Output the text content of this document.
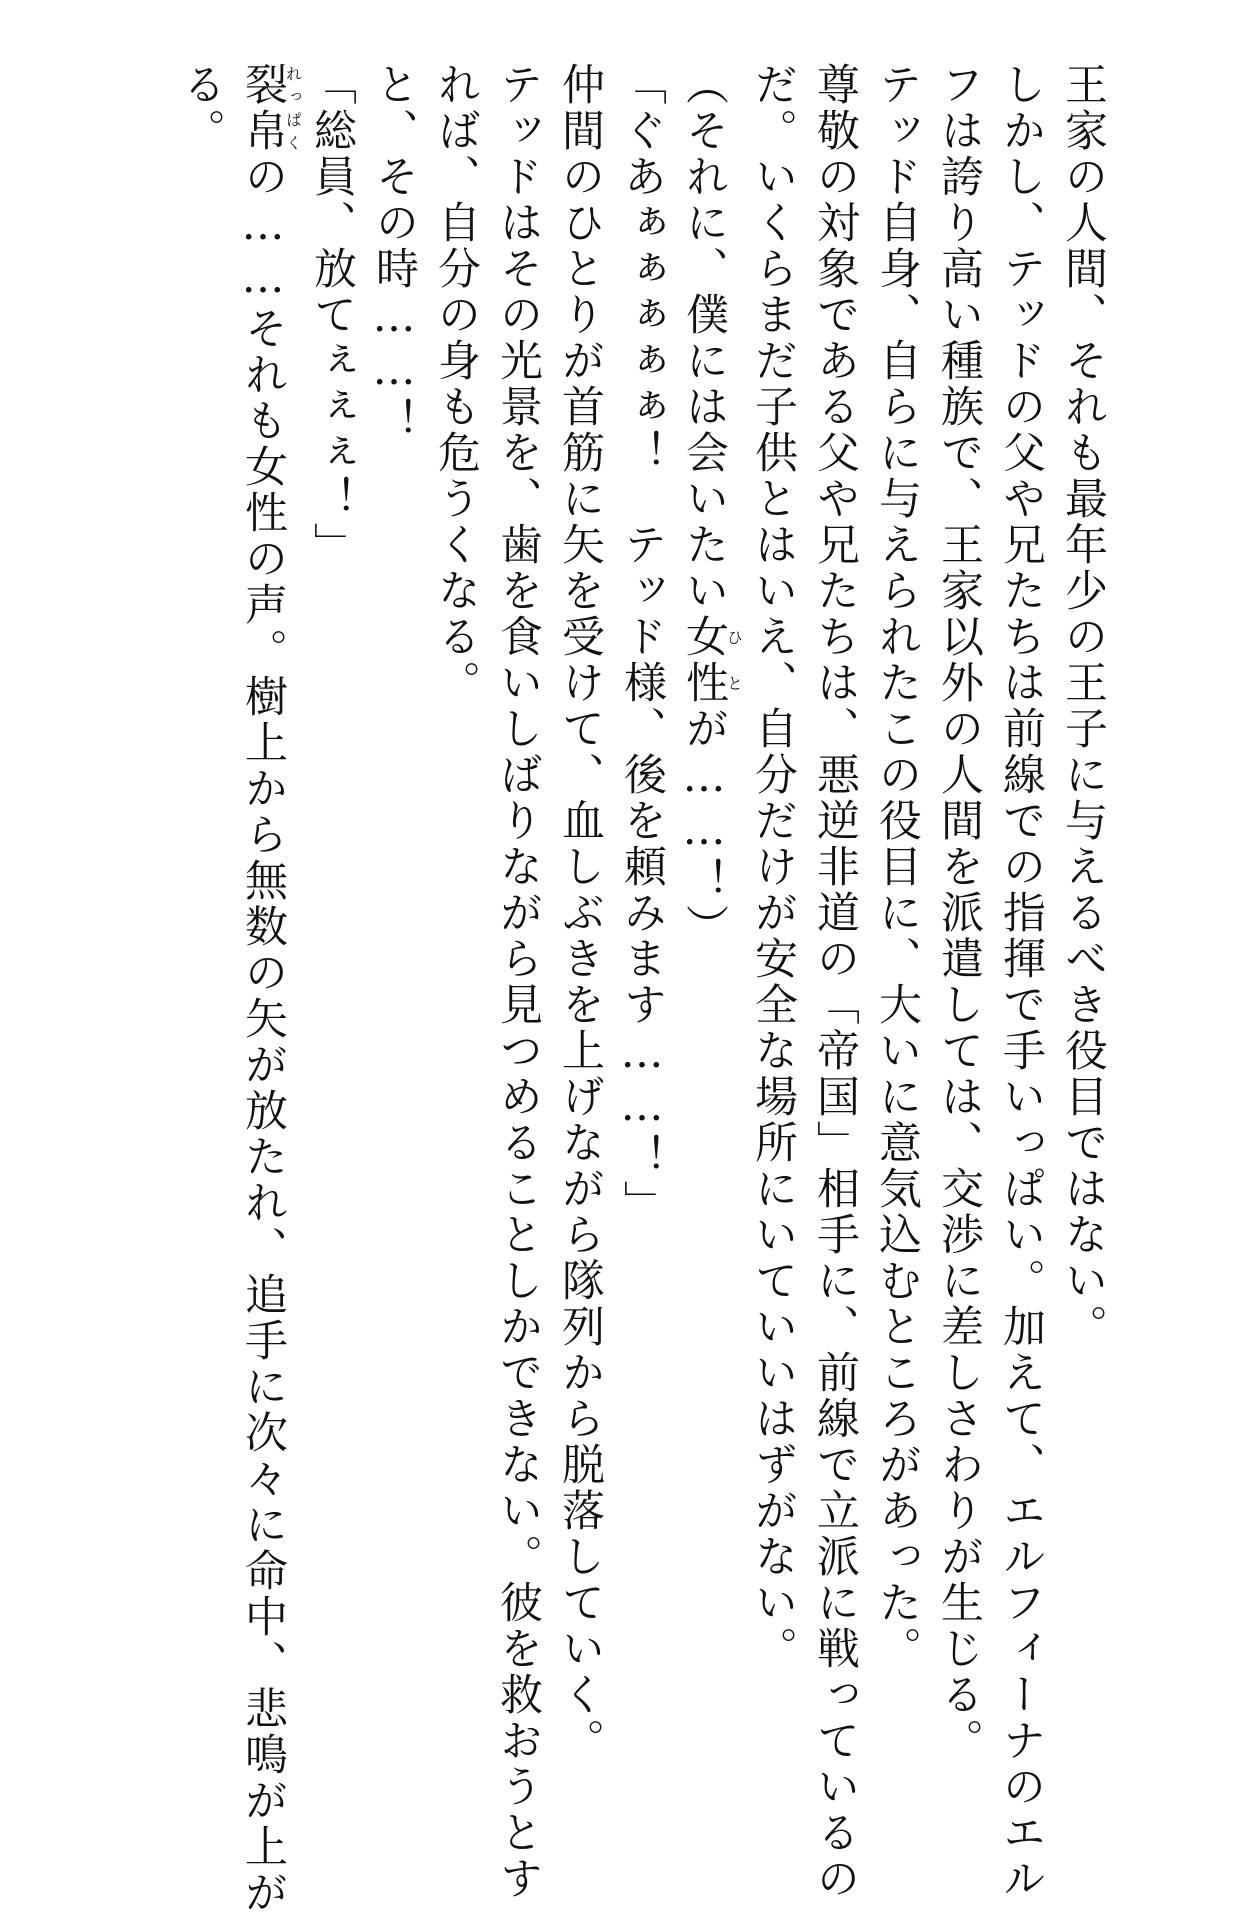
王家の人間、それも最年少の王子に与えるべき役目ではない。
しかし、テッドの父や兄たちは前線での指揮で手いっぱい。加えて、エルフィーナのエル
フは誇り高い種族で、王家以外の人間を派遣しては、交渉に差しさわりが生じる。
テッド自身、自らに与えられたこの役目に、大いに意気込むところがあった。
尊敬の対象である父や兄たちは、悪逆非道の「帝国」相手に、前線で立派に戦っているの
だ。いくらまだ子供とはいえ、自分だけが安全な場所にいていいはずがない。
（それに、僕には会いたい女性ひとが……！）
「ぐあぁぁぁぁぁ！　テッド様、後を頼みます……！」
仲間のひとりが首筋に矢を受けて、血しぶきを上げながら隊列から脱落していく。
テッドはその光景を、歯を食いしばりながら見つめることしかできない。彼を救おうとす
れば、自分の身も危うくなる。
と、その時……！
「総員、放てぇぇぇ！」
裂帛れっぱくの……それも女性の声。樹上から無数の矢が放たれ、追手に次々に命中、悲鳴が上が
る。
